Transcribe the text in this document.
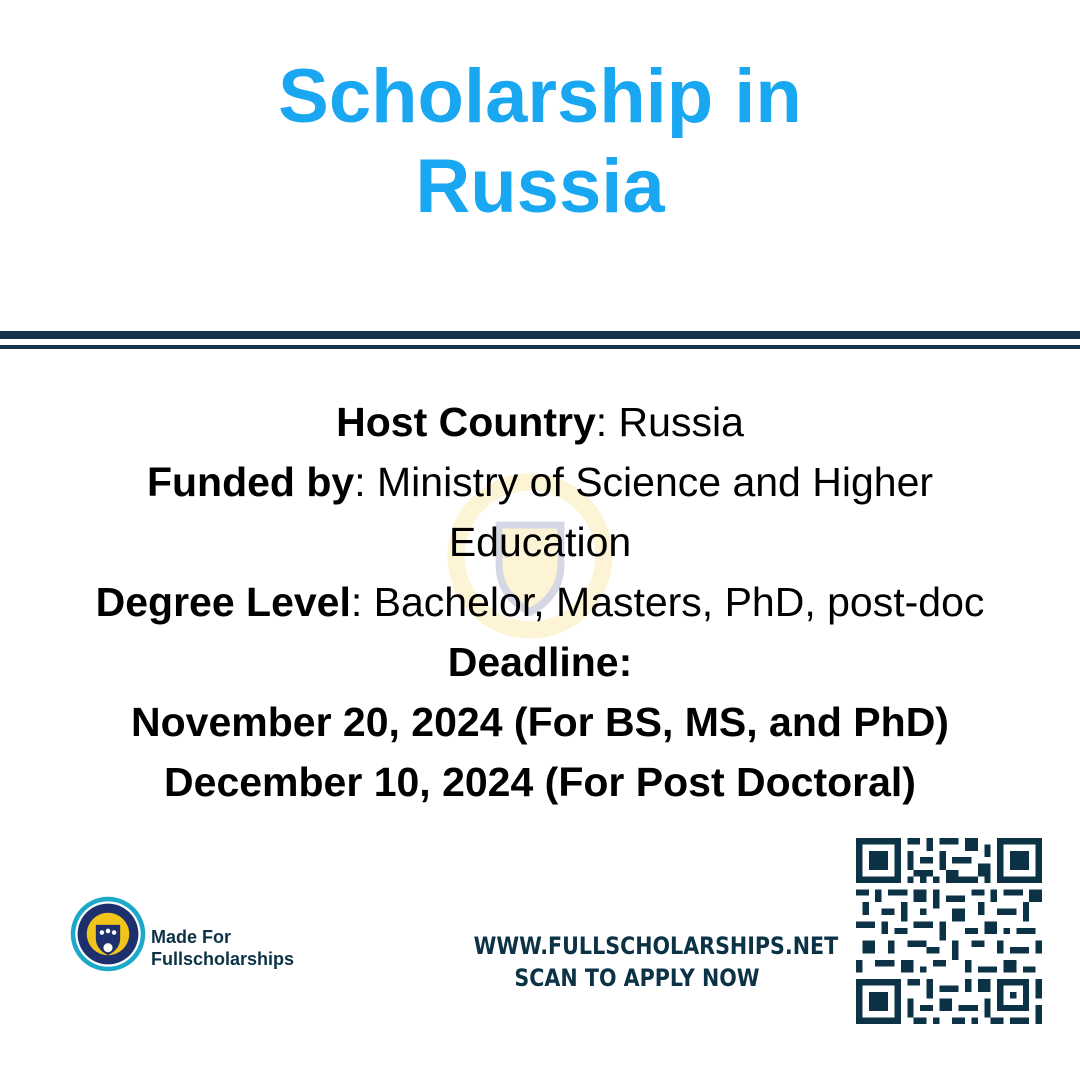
Scholarship in
Russia
Host Country: Russia
Funded by: Ministry of Science and Higher Education
Degree Level: Bachelor, Masters, PhD, post-doc
Deadline:
November 20, 2024 (For BS, MS, and PhD)
December 10, 2024 (For Post Doctoral)
Made For
Fullscholarships	WWW.FULLSCHOLARSHIPS.NET
SCAN TO APPLY NOW
